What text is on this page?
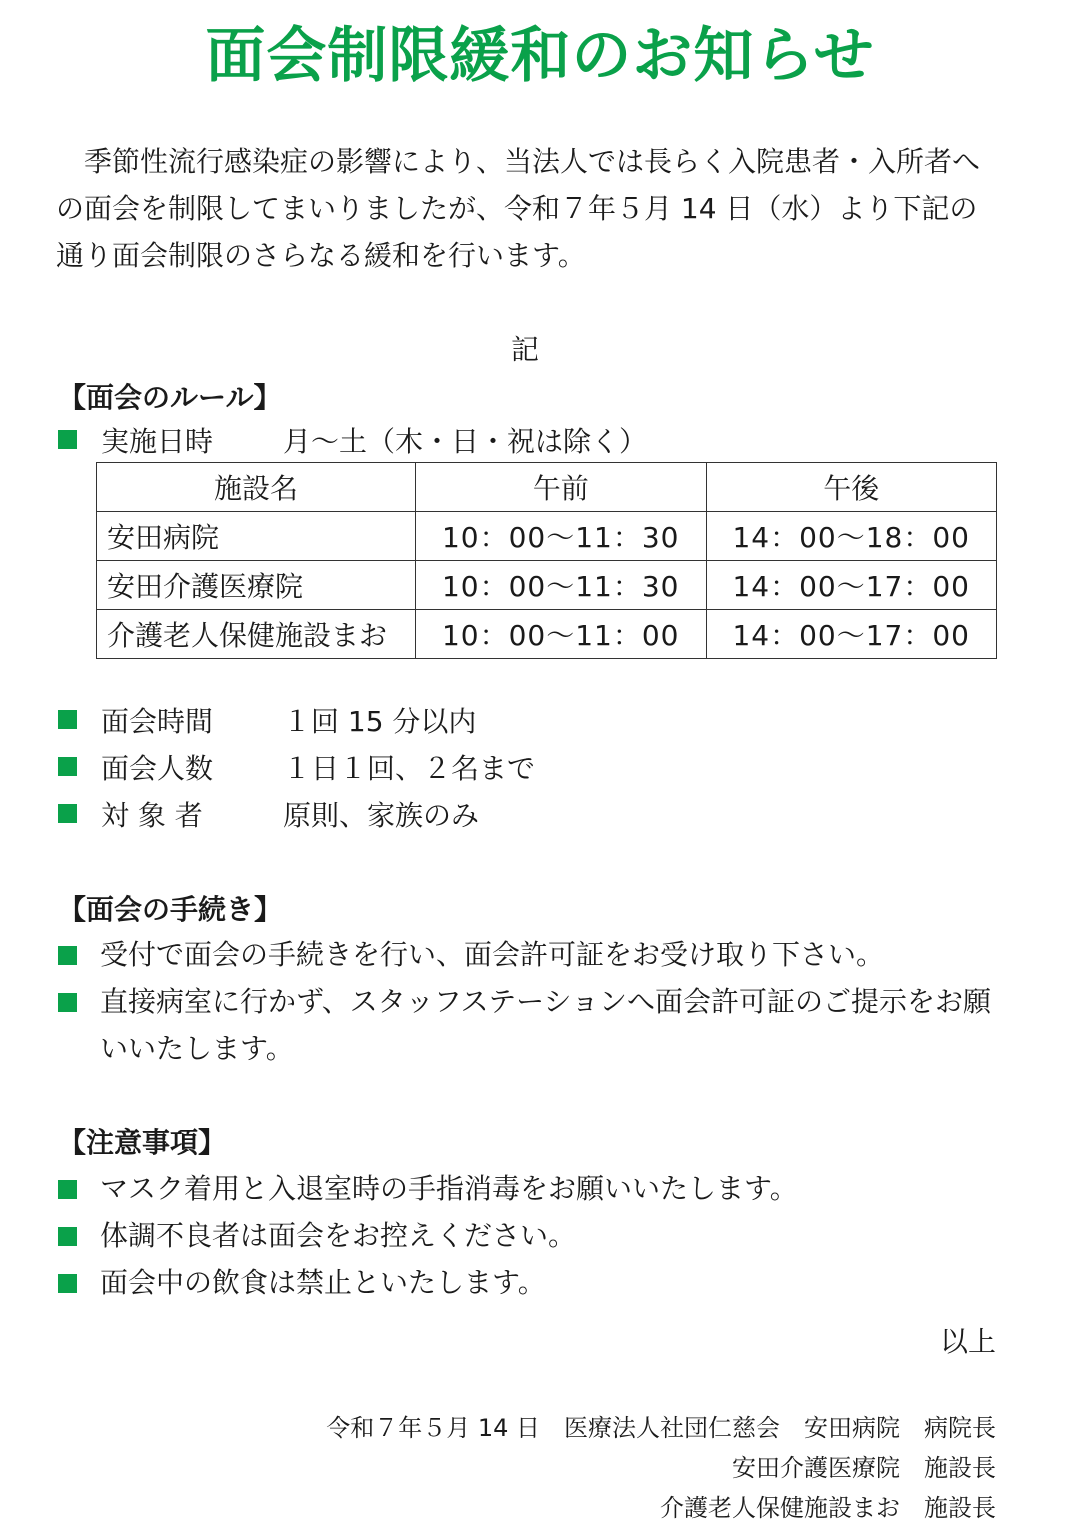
面会制限緩和のお知らせ
季節性流行感染症の影響により、当法人では長らく入院患者・入所者への面会を制限してまいりましたが、令和７年５月 14 日（水）より下記の通り面会制限のさらなる緩和を行います。
記
【面会のルール】
実施日時 月～土（木・日・祝は除く）
施設名	午前	午後
安田病院	10：00～11：30	14：00～18：00
安田介護医療院	10：00～11：30	14：00～17：00
介護老人保健施設まお	10：00～11：00	14：00～17：00
面会時間 １回 15 分以内
面会人数 １日１回、２名まで
対 象 者	原則、家族のみ
【面会の手続き】
受付で面会の手続きを行い、面会許可証をお受け取り下さい。
直接病室に行かず、スタッフステーションへ面会許可証のご提示をお願いいたします。
【注意事項】
マスク着用と入退室時の手指消毒をお願いいたします。
体調不良者は面会をお控えください。
面会中の飲食は禁止といたします。
以上
令和７年５月 14 日　医療法人社団仁慈会　安田病院　病院長
安田介護医療院　施設長
介護老人保健施設まお　施設長
